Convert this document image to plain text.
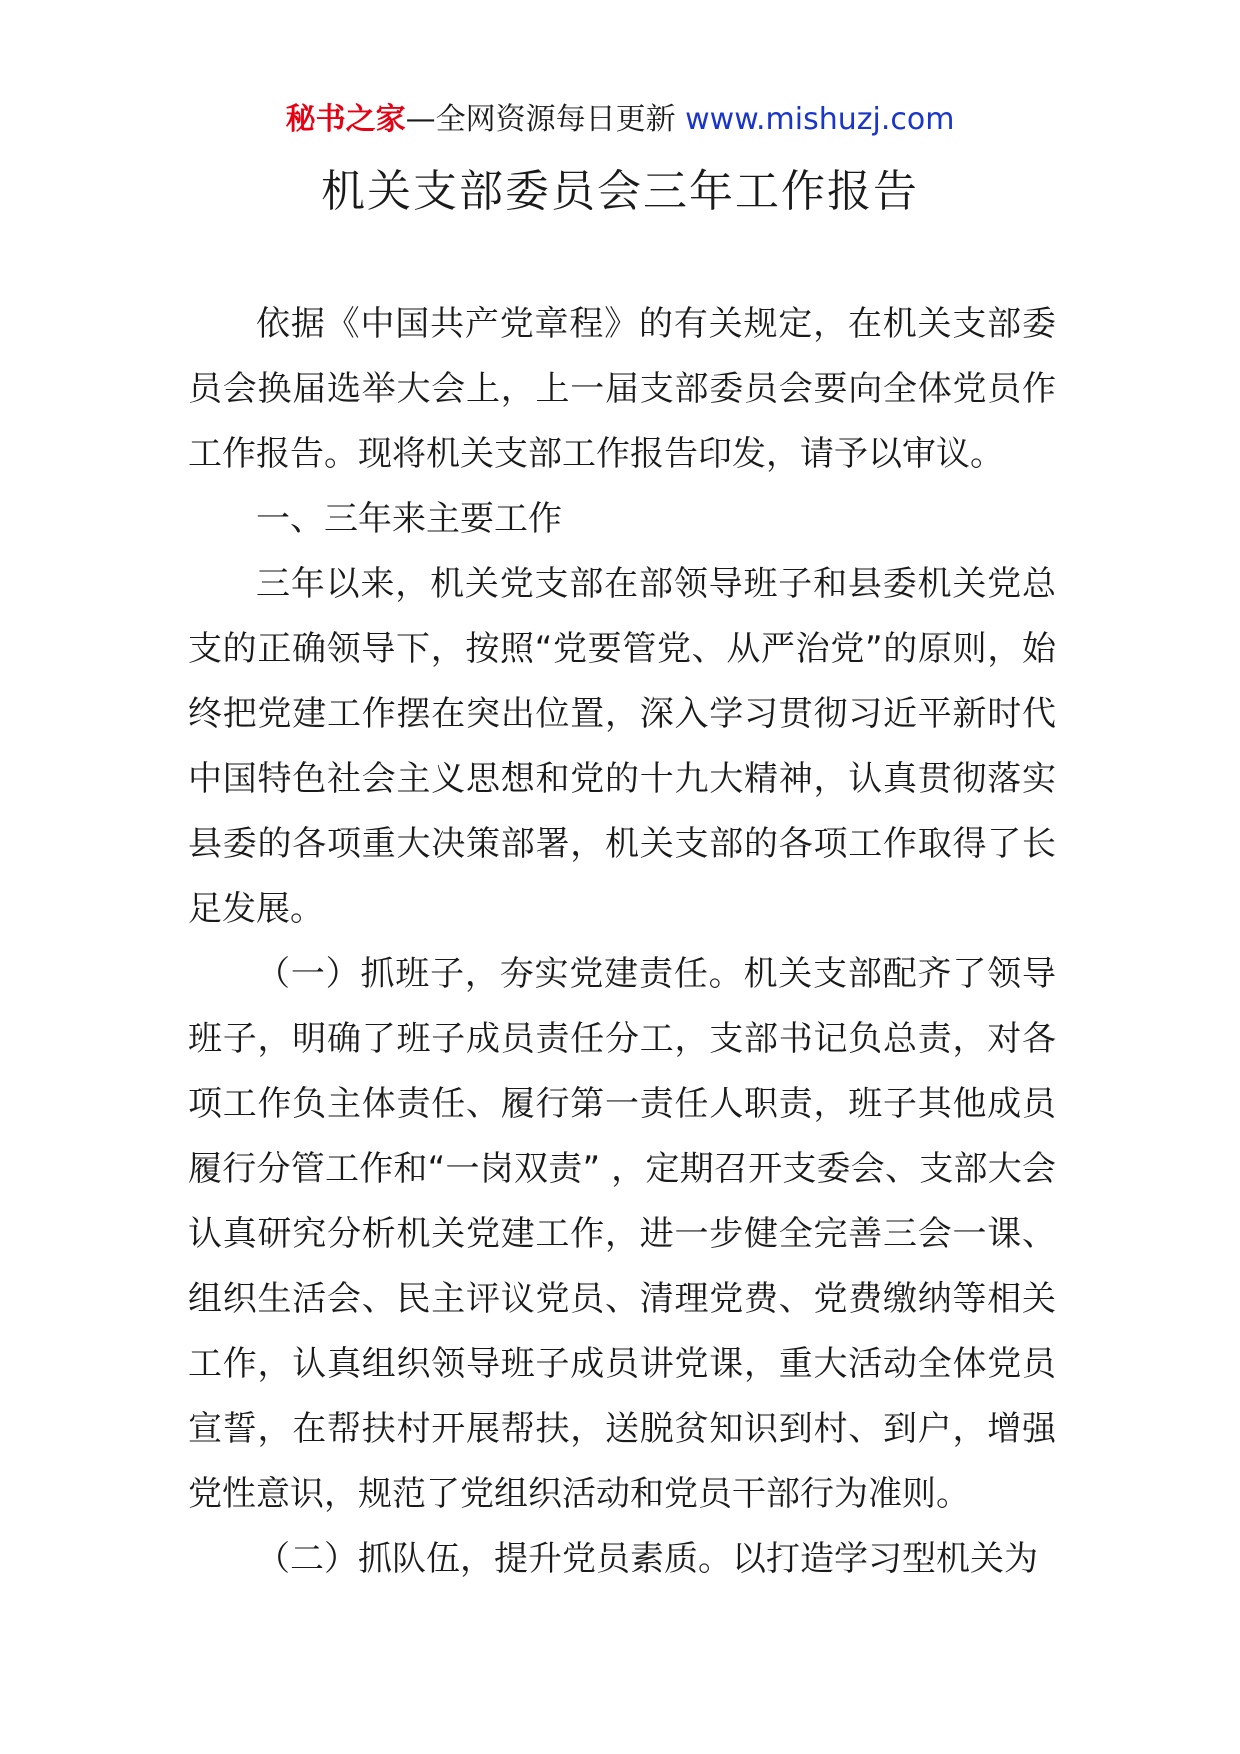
秘书之家—全网资源每日更新 www.mishuzj.com
机关支部委员会三年工作报告

依据《中国共产党章程》的有关规定，在机关支部委员会换届选举大会上，上一届支部委员会要向全体党员作工作报告。现将机关支部工作报告印发，请予以审议。

一、三年来主要工作

三年以来，机关党支部在部领导班子和县委机关党总支的正确领导下，按照“党要管党、从严治党”的原则，始终把党建工作摆在突出位置，深入学习贯彻习近平新时代中国特色社会主义思想和党的十九大精神，认真贯彻落实县委的各项重大决策部署，机关支部的各项工作取得了长足发展。

（一）抓班子，夯实党建责任。机关支部配齐了领导班子，明确了班子成员责任分工，支部书记负总责，对各项工作负主体责任、履行第一责任人职责，班子其他成员履行分管工作和“一岗双责” ，定期召开支委会、支部大会认真研究分析机关党建工作，进一步健全完善三会一课、组织生活会、民主评议党员、清理党费、党费缴纳等相关工作，认真组织领导班子成员讲党课，重大活动全体党员宣誓，在帮扶村开展帮扶，送脱贫知识到村、到户，增强党性意识，规范了党组织活动和党员干部行为准则。

（二）抓队伍，提升党员素质。以打造学习型机关为
